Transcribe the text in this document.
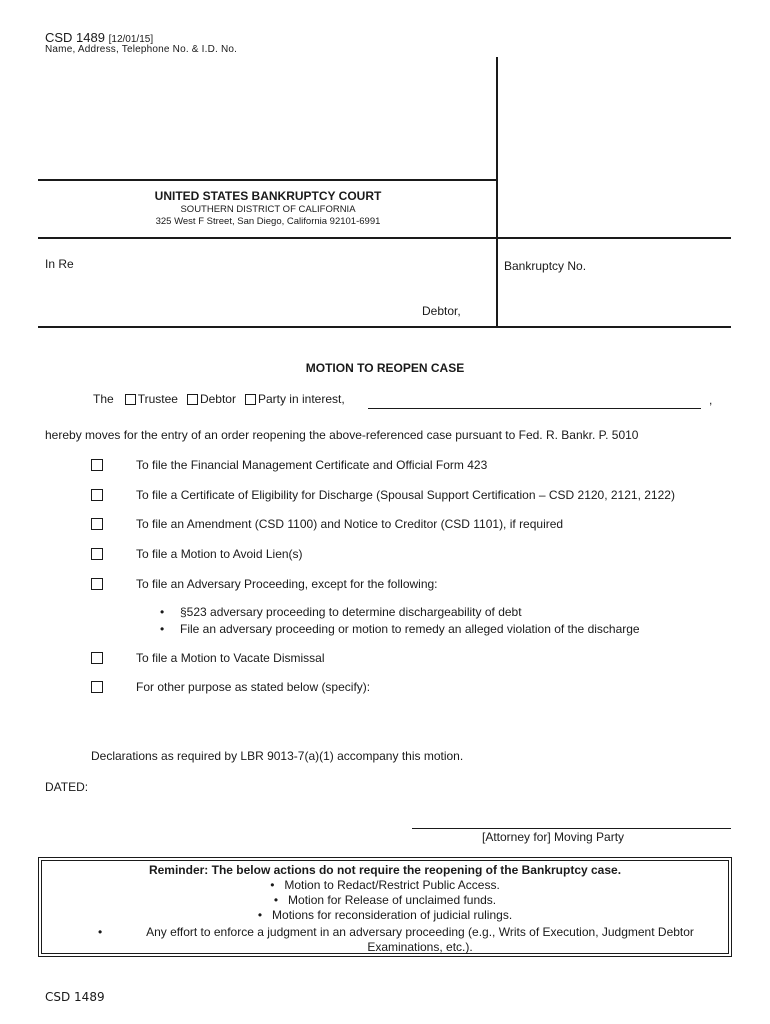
CSD 1489 [12/01/15]
Name, Address, Telephone No. & I.D. No.
UNITED STATES BANKRUPTCY COURT
SOUTHERN DISTRICT OF CALIFORNIA
325 West F Street, San Diego, California 92101-6991
In Re	Bankruptcy No.
Debtor,
MOTION TO REOPEN CASE
The Trustee Debtor Party in interest,	,
hereby moves for the entry of an order reopening the above-referenced case pursuant to Fed. R. Bankr. P. 5010
To file the Financial Management Certificate and Official Form 423
To file a Certificate of Eligibility for Discharge (Spousal Support Certification – CSD 2120, 2121, 2122)
To file an Amendment (CSD 1100) and Notice to Creditor (CSD 1101), if required
To file a Motion to Avoid Lien(s)
To file an Adversary Proceeding, except for the following:
• §523 adversary proceeding to determine dischargeability of debt
• File an adversary proceeding or motion to remedy an alleged violation of the discharge
To file a Motion to Vacate Dismissal
For other purpose as stated below (specify):
Declarations as required by LBR 9013-7(a)(1) accompany this motion.
DATED:
[Attorney for] Moving Party
Reminder: The below actions do not require the reopening of the Bankruptcy case.
•   Motion to Redact/Restrict Public Access.
•   Motion for Release of unclaimed funds.
•   Motions for reconsideration of judicial rulings.
•	Any effort to enforce a judgment in an adversary proceeding (e.g., Writs of Execution, Judgment Debtor Examinations, etc.).
CSD 1489
